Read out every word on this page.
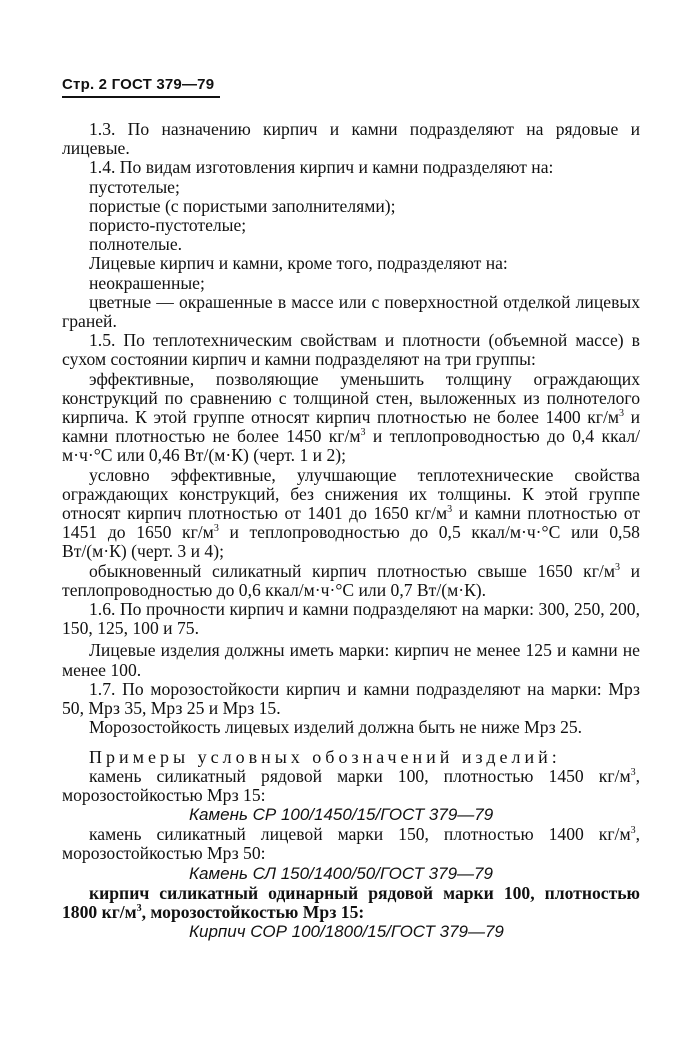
Стр. 2 ГОСТ 379—79

1.3. По назначению кирпич и камни подразделяют на рядовые и лицевые.

1.4. По видам изготовления кирпич и камни подразделяют на:

пустотелые;

пористые (с пористыми заполнителями);

пористо-пустотелые;

полнотелые.

Лицевые кирпич и камни, кроме того, подразделяют на:

неокрашенные;

цветные — окрашенные в массе или с поверхностной отделкой лицевых граней.

1.5. По теплотехническим свойствам и плотности (объемной массе) в сухом состоянии кирпич и камни подразделяют на три группы:

эффективные, позволяющие уменьшить толщину ограждающих конструкций по сравнению с толщиной стен, выложенных из полнотелого кирпича. К этой группе относят кирпич плотностью не более 1400 $кг/м^3$ и камни плотностью не более 1450 $кг/м^3$ и теплопроводностью до 0,4 ккал/м·ч·°С или 0,46 Вт/(м·К) (черт. 1 и 2);

условно эффективные, улучшающие теплотехнические свойства ограждающих конструкций, без снижения их толщины. К этой группе относят кирпич плотностью от 1401 до 1650 $кг/м^3$ и камни плотностью от 1451 до 1650 $кг/м^3$ и теплопроводностью до 0,5 ккал/м·ч·°С или 0,58 Вт/(м·К) (черт. 3 и 4);

обыкновенный силикатный кирпич плотностью свыше 1650 $кг/м^3$ и теплопроводностью до 0,6 ккал/м·ч·°С или 0,7 Вт/(м·К).

1.6. По прочности кирпич и камни подразделяют на марки: 300, 250, 200, 150, 125, 100 и 75.

Лицевые изделия должны иметь марки: кирпич не менее 125 и камни не менее 100.

1.7. По морозостойкости кирпич и камни подразделяют на марки: Мрз 50, Мрз 35, Мрз 25 и Мрз 15.

Морозостойкость лицевых изделий должна быть не ниже Мрз 25.

Примеры условных обозначений изделий:

камень силикатный рядовой марки 100, плотностью 1450 $кг/м^3$, морозостойкостью Мрз 15:

Камень СР 100/1450/15/ГОСТ 379—79

камень силикатный лицевой марки 150, плотностью 1400 $кг/м^3$, морозостойкостью Мрз 50:

Камень СЛ 150/1400/50/ГОСТ 379—79

кирпич силикатный одинарный рядовой марки 100, плотностью 1800 $кг/м^3$, морозостойкостью Мрз 15:

Кирпич СОР 100/1800/15/ГОСТ 379—79
